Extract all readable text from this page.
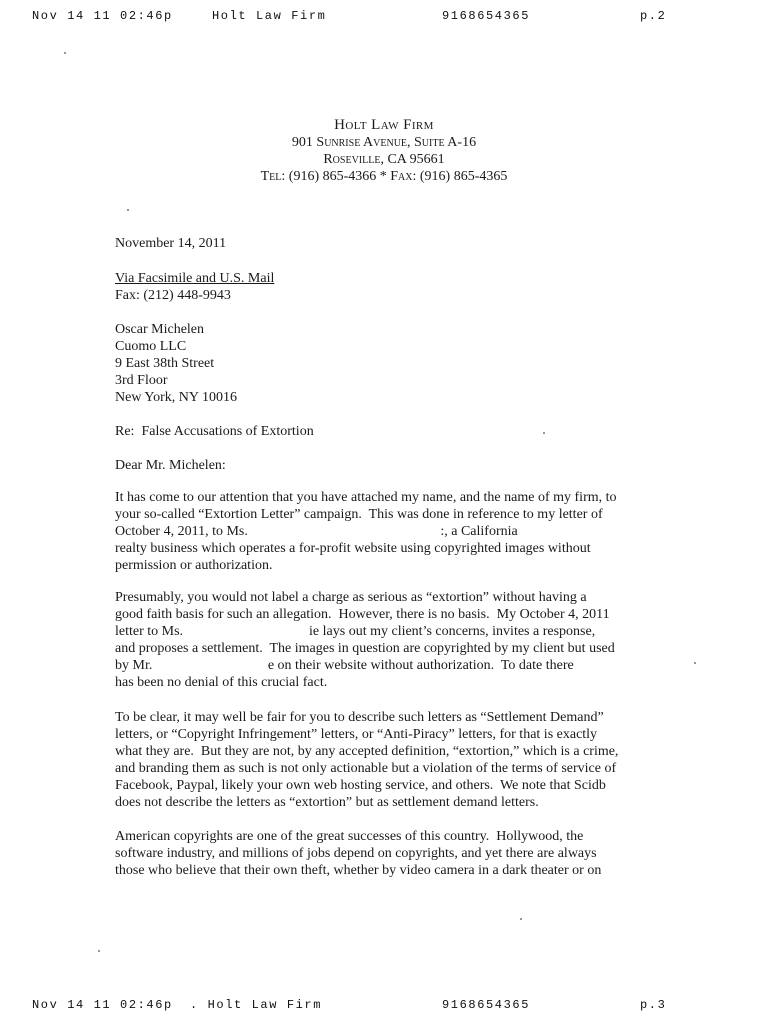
Nov 14 11 02:46p	Holt Law Firm	9168654365	p.2
Holt Law Firm
901 Sunrise Avenue, Suite A-16
Roseville, CA 95661
Tel: (916) 865-4366 * Fax: (916) 865-4365
November 14, 2011
Via Facsimile and U.S. Mail
Fax: (212) 448-9943
Oscar Michelen
Cuomo LLC
9 East 38th Street
3rd Floor
New York, NY 10016
Re:  False Accusations of Extortion
Dear Mr. Michelen:
It has come to our attention that you have attached my name, and the name of my firm, to
your so-called “Extortion Letter” campaign.  This was done in reference to my letter of
October 4, 2011, to Ms.                                                       :, a California
realty business which operates a for-profit website using copyrighted images without
permission or authorization.
Presumably, you would not label a charge as serious as “extortion” without having a
good faith basis for such an allegation.  However, there is no basis.  My October 4, 2011
letter to Ms.                                    ie lays out my client’s concerns, invites a response,
and proposes a settlement.  The images in question are copyrighted by my client but used
by Mr.                                 e on their website without authorization.  To date there
has been no denial of this crucial fact.
To be clear, it may well be fair for you to describe such letters as “Settlement Demand”
letters, or “Copyright Infringement” letters, or “Anti-Piracy” letters, for that is exactly
what they are.  But they are not, by any accepted definition, “extortion,” which is a crime,
and branding them as such is not only actionable but a violation of the terms of service of
Facebook, Paypal, likely your own web hosting service, and others.  We note that Scidb
does not describe the letters as “extortion” but as settlement demand letters.
American copyrights are one of the great successes of this country.  Hollywood, the
software industry, and millions of jobs depend on copyrights, and yet there are always
those who believe that their own theft, whether by video camera in a dark theater or on
Nov 14 11 02:46p . Holt Law Firm	9168654365	p.3
